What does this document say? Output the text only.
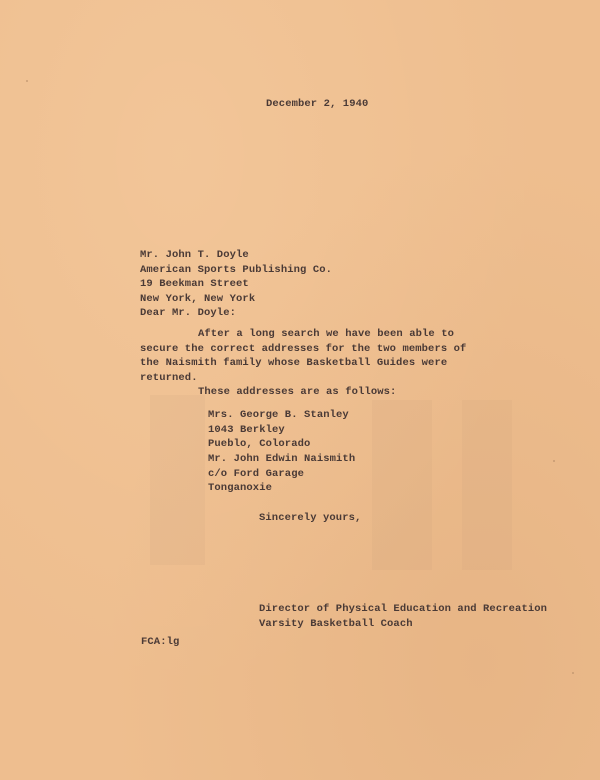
December 2, 1940
Mr. John T. Doyle
American Sports Publishing Co.
19 Beekman Street
New York, New York
Dear Mr. Doyle:
After a long search we have been able to
secure the correct addresses for the two members of
the Naismith family whose Basketball Guides were
returned.
These addresses are as follows:
Mrs. George B. Stanley
1043 Berkley
Pueblo, Colorado
Mr. John Edwin Naismith
c/o Ford Garage
Tonganoxie
Sincerely yours,
Director of Physical Education and Recreation
Varsity Basketball Coach
FCA:lg
